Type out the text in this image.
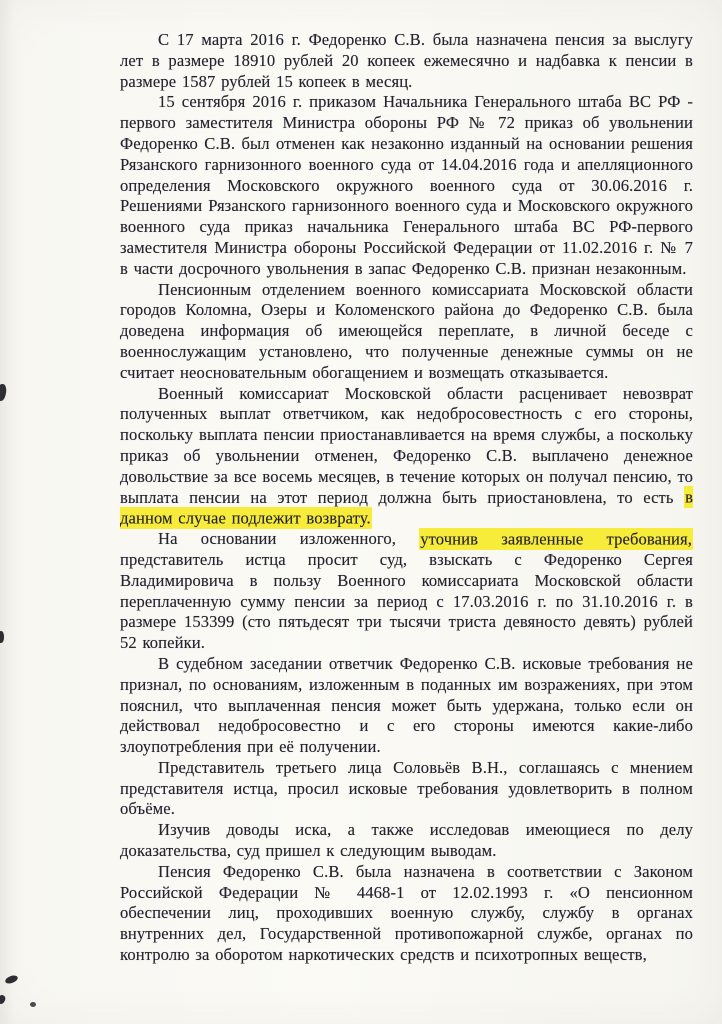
С 17 марта 2016 г. Федоренко С.В. была назначена пенсия за выслугу лет в размере 18910 рублей 20 копеек ежемесячно и надбавка к пенсии в размере 1587 рублей 15 копеек в месяц.

15 сентября 2016 г. приказом Начальника Генерального штаба ВС РФ - первого заместителя Министра обороны РФ № 72 приказ об увольнении Федоренко С.В. был отменен как незаконно изданный на основании решения Рязанского гарнизонного военного суда от 14.04.2016 года и апелляционного определения Московского окружного военного суда от 30.06.2016 г. Решениями Рязанского гарнизонного военного суда и Московского окружного военного суда приказ начальника Генерального штаба ВС РФ-первого заместителя Министра обороны Российской Федерации от 11.02.2016 г. № 7 в части досрочного увольнения в запас Федоренко С.В. признан незаконным.

Пенсионным отделением военного комиссариата Московской области городов Коломна, Озеры и Коломенского района до Федоренко С.В. была доведена информация об имеющейся переплате, в личной беседе с военнослужащим установлено, что полученные денежные суммы он не считает неосновательным обогащением и возмещать отказывается.

Военный комиссариат Московской области расценивает невозврат полученных выплат ответчиком, как недобросовестность с его стороны, поскольку выплата пенсии приостанавливается на время службы, а поскольку приказ об увольнении отменен, Федоренко С.В. выплачено денежное довольствие за все восемь месяцев, в течение которых он получал пенсию, то выплата пенсии на этот период должна быть приостановлена, то есть в данном случае подлежит возврату.

На основании изложенного, уточнив заявленные требования, представитель истца просит суд, взыскать с Федоренко Сергея Владимировича в пользу Военного комиссариата Московской области переплаченную сумму пенсии за период с 17.03.2016 г. по 31.10.2016 г. в размере 153399 (сто пятьдесят три тысячи триста девяносто девять) рублей 52 копейки.

В судебном заседании ответчик Федоренко С.В. исковые требования не признал, по основаниям, изложенным в поданных им возражениях, при этом пояснил, что выплаченная пенсия может быть удержана, только если он действовал недобросовестно и с его стороны имеются какие-либо злоупотребления при её получении.

Представитель третьего лица Соловьёв В.Н., соглашаясь с мнением представителя истца, просил исковые требования удовлетворить в полном объёме.

Изучив доводы иска, а также исследовав имеющиеся по делу доказательства, суд пришел к следующим выводам.

Пенсия Федоренко С.В. была назначена в соответствии с Законом Российской Федерации № 4468-1 от 12.02.1993 г. «О пенсионном обеспечении лиц, проходивших военную службу, службу в органах внутренних дел, Государственной противопожарной службе, органах по контролю за оборотом наркотических средств и психотропных веществ,
